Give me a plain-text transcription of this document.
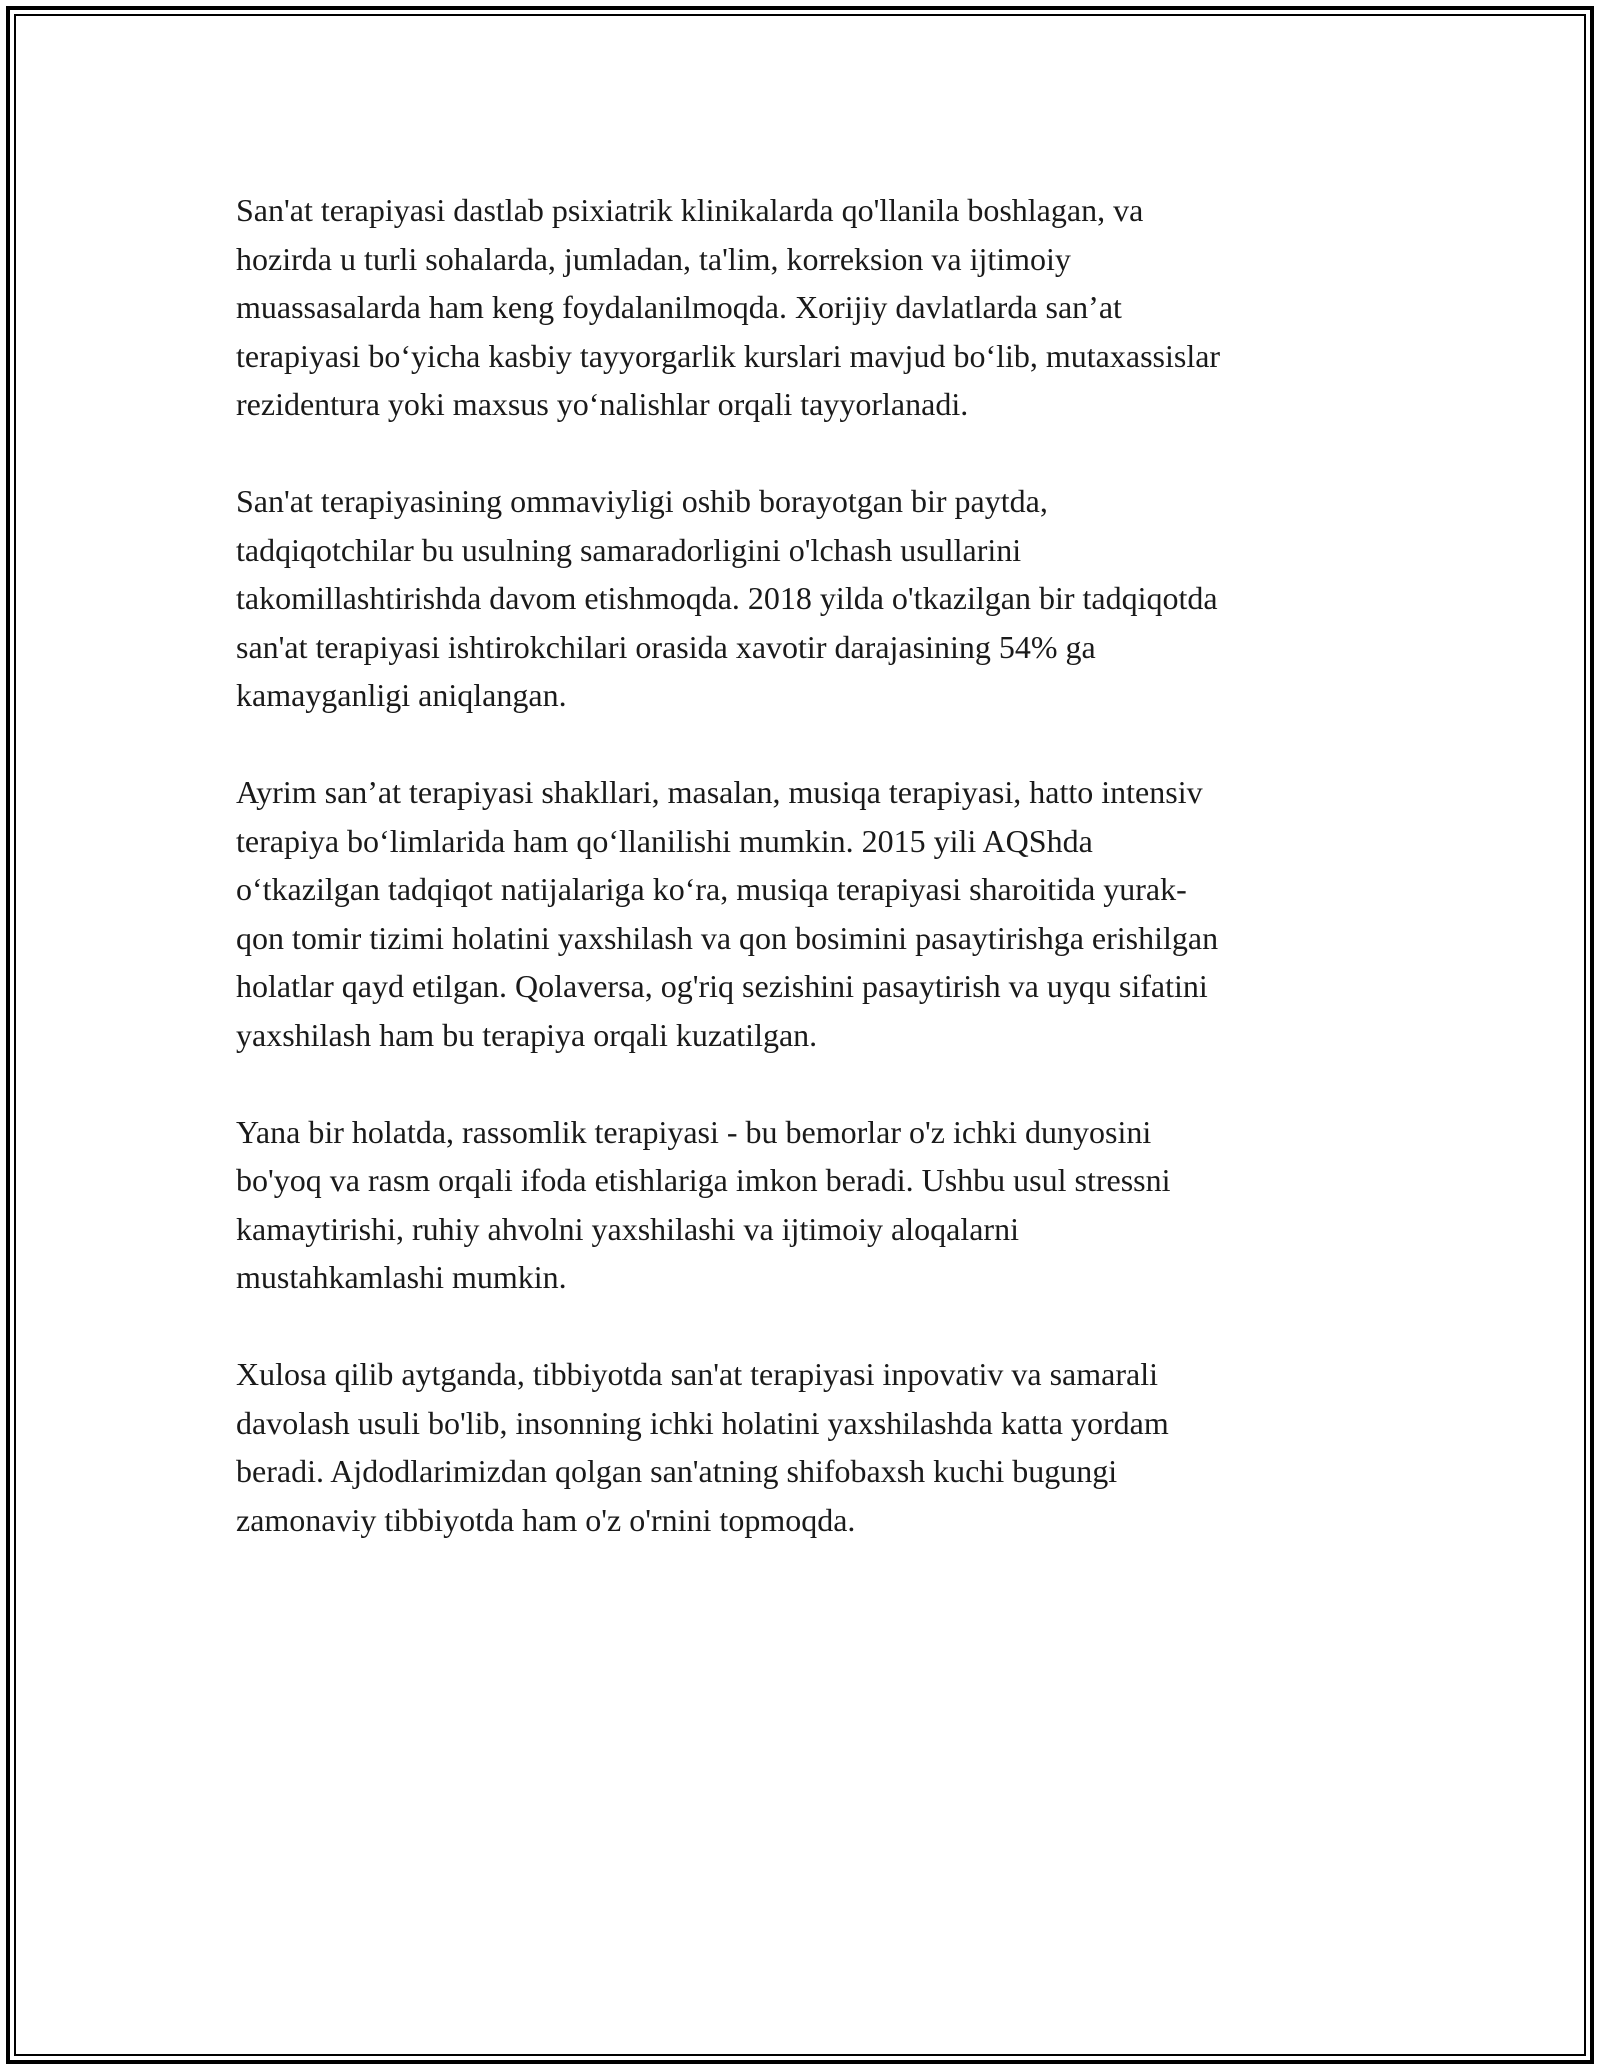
San'at terapiyasi dastlab psixiatrik klinikalarda qo'llanila boshlagan, va
hozirda u turli sohalarda, jumladan, ta'lim, korreksion va ijtimoiy
muassasalarda ham keng foydalanilmoqda. Xorijiy davlatlarda san’at
terapiyasi bo‘yicha kasbiy tayyorgarlik kurslari mavjud bo‘lib, mutaxassislar
rezidentura yoki maxsus yo‘nalishlar orqali tayyorlanadi.

San'at terapiyasining ommaviyligi oshib borayotgan bir paytda,
tadqiqotchilar bu usulning samaradorligini o'lchash usullarini
takomillashtirishda davom etishmoqda. 2018 yilda o'tkazilgan bir tadqiqotda
san'at terapiyasi ishtirokchilari orasida xavotir darajasining 54% ga
kamayganligi aniqlangan.

Ayrim san’at terapiyasi shakllari, masalan, musiqa terapiyasi, hatto intensiv
terapiya bo‘limlarida ham qo‘llanilishi mumkin. 2015 yili AQShda
o‘tkazilgan tadqiqot natijalariga ko‘ra, musiqa terapiyasi sharoitida yurak-
qon tomir tizimi holatini yaxshilash va qon bosimini pasaytirishga erishilgan
holatlar qayd etilgan. Qolaversa, og'riq sezishini pasaytirish va uyqu sifatini
yaxshilash ham bu terapiya orqali kuzatilgan.

Yana bir holatda, rassomlik terapiyasi - bu bemorlar o'z ichki dunyosini
bo'yoq va rasm orqali ifoda etishlariga imkon beradi. Ushbu usul stressni
kamaytirishi, ruhiy ahvolni yaxshilashi va ijtimoiy aloqalarni
mustahkamlashi mumkin.

Xulosa qilib aytganda, tibbiyotda san'at terapiyasi inpovativ va samarali
davolash usuli bo'lib, insonning ichki holatini yaxshilashda katta yordam
beradi. Ajdodlarimizdan qolgan san'atning shifobaxsh kuchi bugungi
zamonaviy tibbiyotda ham o'z o'rnini topmoqda.
